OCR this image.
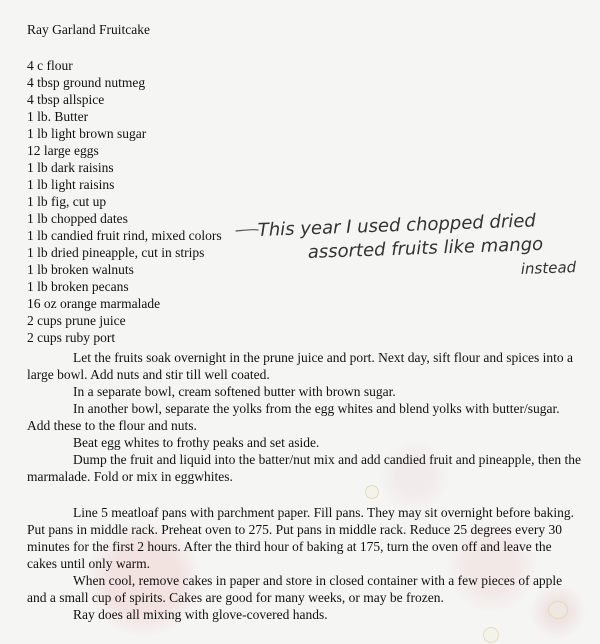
Ray Garland Fruitcake
4 c flour
4 tbsp ground nutmeg
4 tbsp allspice
1 lb. Butter
1 lb light brown sugar
12 large eggs
1 lb dark raisins
1 lb light raisins
1 lb fig, cut up
1 lb chopped dates
1 lb candied fruit rind, mixed colors
1 lb dried pineapple, cut in strips
1 lb broken walnuts
1 lb broken pecans
16 oz orange marmalade
2 cups prune juice
2 cups ruby port

Let the fruits soak overnight in the prune juice and port. Next day, sift flour and spices into a large bowl. Add nuts and stir till well coated.

In a separate bowl, cream softened butter with brown sugar.

In another bowl, separate the yolks from the egg whites and blend yolks with butter/sugar. Add these to the flour and nuts.

Beat egg whites to frothy peaks and set aside.

Dump the fruit and liquid into the batter/nut mix and add candied fruit and pineapple, then the marmalade. Fold or mix in eggwhites.

Line 5 meatloaf pans with parchment paper. Fill pans. They may sit overnight before baking. Put pans in middle rack. Preheat oven to 275. Put pans in middle rack. Reduce 25 degrees every 30 minutes for the first 2 hours. After the third hour of baking at 175, turn the oven off and leave the cakes until only warm.

When cool, remove cakes in paper and store in closed container with a few pieces of apple and a small cup of spirits. Cakes are good for many weeks, or may be frozen.

Ray does all mixing with glove-covered hands.

This year I used chopped dried
assorted fruits like mango
instead
